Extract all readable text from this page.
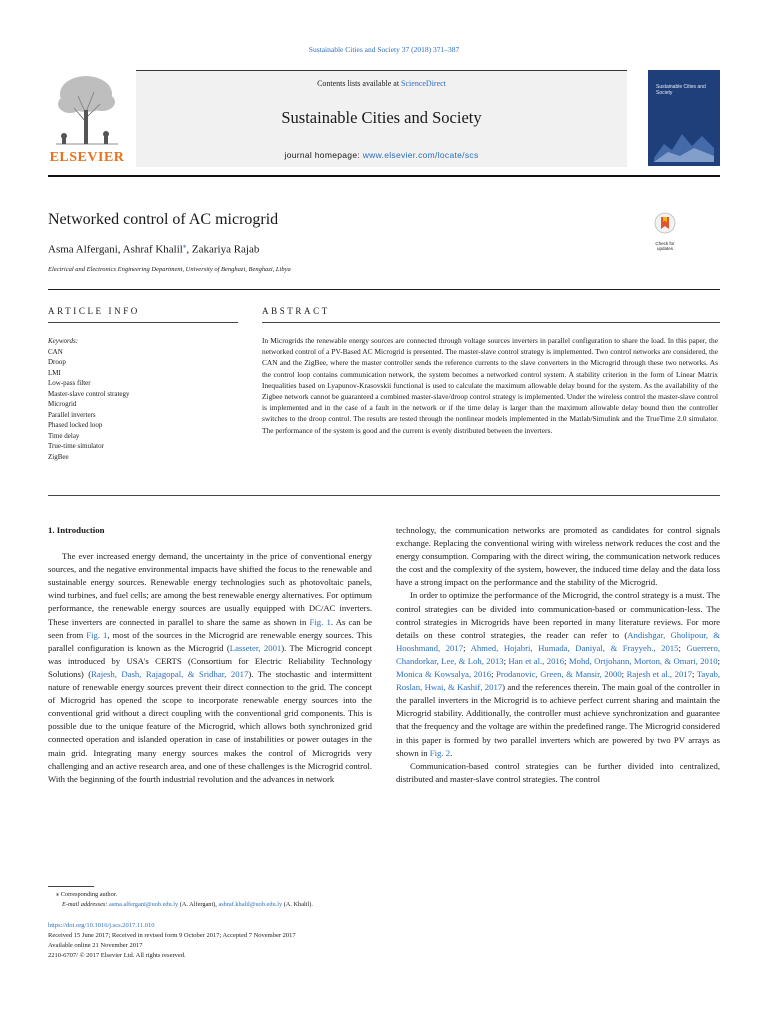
Sustainable Cities and Society 37 (2018) 371–387
ELSEVIER
Contents lists available at ScienceDirect
Sustainable Cities and Society
journal homepage: www.elsevier.com/locate/scs
Sustainable Cities and Society
Networked control of AC microgrid
Asma Alfergani, Ashraf Khalil⁎, Zakariya Rajab
Electrical and Electronics Engineering Department, University of Benghazi, Benghazi, Libya
Check for updates
ARTICLE INFO	ABSTRACT
Keywords:
CAN
Droop
LMI
Low-pass filter
Master-slave control strategy
Microgrid
Parallel inverters
Phased locked loop
Time delay
True-time simulator
ZigBee
In Microgrids the renewable energy sources are connected through voltage sources inverters in parallel configuration to share the load. In this paper, the networked control of a PV-Based AC Microgrid is presented. The master-slave control strategy is implemented. Two control networks are considered, the CAN and the ZigBee, where the master controller sends the reference currents to the slave converters in the Microgrid through these two networks. As the control loop contains communication network, the system becomes a networked control system. A stability criterion in the form of Linear Matrix Inequalities based on Lyapunov-Krasovskii functional is used to calculate the maximum allowable delay bound for the system. As the availability of the Zigbee network cannot be guaranteed a combined master-slave/droop control strategy is implemented. Under the wireless control the master-slave control is implemented and in the case of a fault in the network or if the time delay is larger than the maximum allowable delay bound then the controller switches to the droop control. The results are tested through the nonlinear models implemented in the Matlab/Simulink and the TrueTime 2.0 simulator. The performance of the system is good and the current is evenly distributed between the inverters.

1. Introduction

The ever increased energy demand, the uncertainty in the price of conventional energy sources, and the negative environmental impacts have shifted the focus to the renewable and sustainable energy sources. Renewable energy technologies such as photovoltaic panels, wind turbines, and fuel cells; are among the best renewable energy alternatives. For optimum performance, the renewable energy sources are usually equipped with DC/AC inverters. These inverters are connected in parallel to share the same as shown in Fig. 1. As can be seen from Fig. 1, most of the sources in the Microgrid are renewable energy sources. This parallel configuration is known as the Microgrid (Lasseter, 2001). The Microgrid concept was introduced by USA's CERTS (Consortium for Electric Reliability Technology Solutions) (Rajesh, Dash, Rajagopal, & Sridhar, 2017). The stochastic and intermittent nature of renewable energy sources prevent their direct connection to the grid. The concept of Microgrid has opened the scope to incorporate renewable energy sources into the conventional grid without a direct coupling with the conventional grid components. This is possible due to the unique feature of the Microgrid, which allows both synchronized grid connected operation and islanded operation in case of instabilities or power outages in the main grid. Integrating many energy sources makes the control of Microgrids very challenging and an active research area, and one of these challenges is the Microgrid control. With the beginning of the fourth industrial revolution and the advances in network

technology, the communication networks are promoted as candidates for control signals exchange. Replacing the conventional wiring with wireless network reduces the cost and the energy consumption. Comparing with the direct wiring, the communication network reduces the cost and the complexity of the system, however, the induced time delay and the data loss have a strong impact on the performance and the stability of the Microgrid.

In order to optimize the performance of the Microgrid, the control strategy is a must. The control strategies can be divided into communication-based or communication-less. The control strategies in Microgrids have been reported in many literature reviews. For more details on these control strategies, the reader can refer to (Andishgar, Gholipour, & Hooshmand, 2017; Ahmed, Hojabri, Humada, Daniyal, & Frayyeh., 2015; Guerrero, Chandorkar, Lee, & Loh, 2013; Han et al., 2016; Mohd, Ortjohann, Morton, & Omari, 2010; Monica & Kowsalya, 2016; Prodanovic, Green, & Mansir, 2000; Rajesh et al., 2017; Tayab, Roslan, Hwai, & Kashif, 2017) and the references therein. The main goal of the controller in the parallel inverters in the Microgrid is to achieve perfect current sharing and maintain the Microgrid stability. Additionally, the controller must achieve synchronization and guarantee that the frequency and the voltage are within the predefined range. The Microgrid considered in this paper is formed by two parallel inverters which are powered by two PV arrays as shown in Fig. 2.

Communication-based control strategies can be further divided into centralized, distributed and master-slave control strategies. The control

⁎ Corresponding author.
E-mail addresses: asma.alfergani@uob.edu.ly (A. Alfergani), ashraf.khalil@uob.edu.ly (A. Khalil).
https://doi.org/10.1016/j.scs.2017.11.010
Received 15 June 2017; Received in revised form 9 October 2017; Accepted 7 November 2017
Available online 21 November 2017
2210-6707/ © 2017 Elsevier Ltd. All rights reserved.
